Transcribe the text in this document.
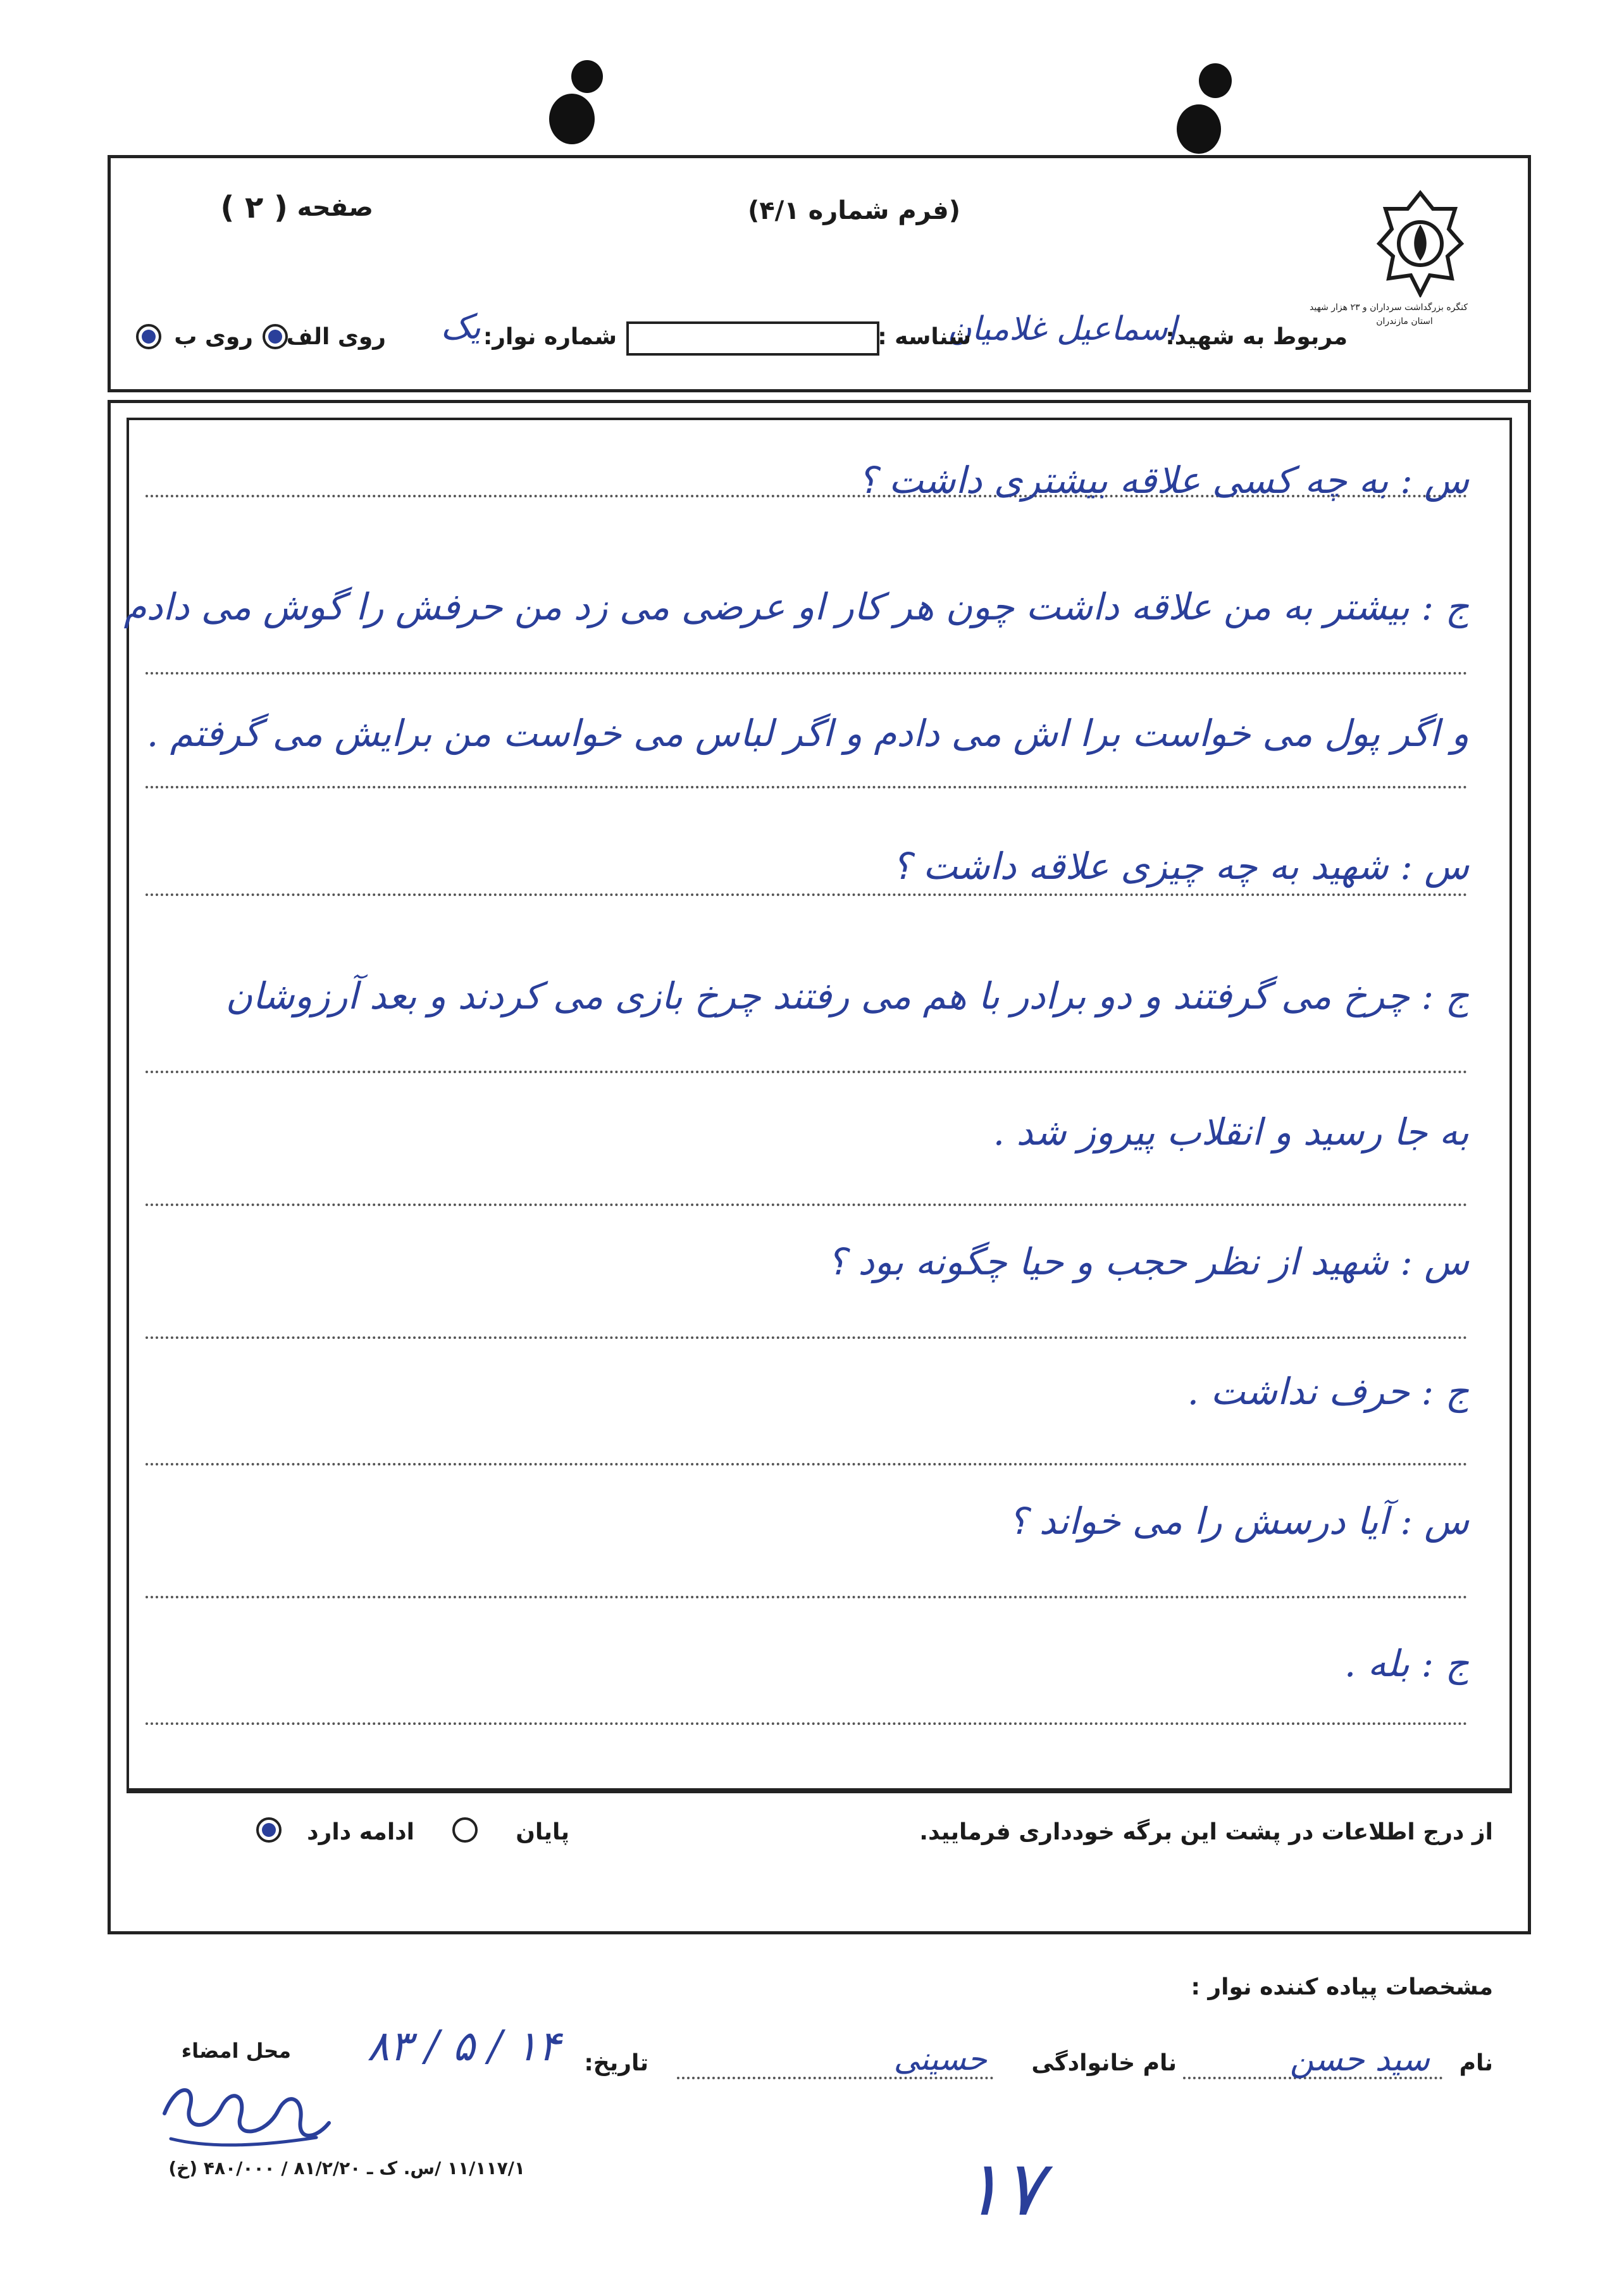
کنگره بزرگداشت سرداران و ۲۳ هزار شهید
استان مازندران
(فرم شماره ۴/۱)
صفحه
( ۲ )
مربوط به شهید:
اسماعیل غلامیان
شناسه :
شماره نوار:
یک
روی الف
روی ب
س : به چه کسی علاقه بیشتری داشت ؟
ج : بیشتر به من علاقه داشت چون هر کار او عرضی می زد من حرفش را گوش می دادم
و اگر پول می خواست برا اش می دادم و اگر لباس می خواست من برایش می گرفتم .
س : شهید به چه چیزی علاقه داشت ؟
ج : چرخ می گرفتند و دو برادر با هم می رفتند چرخ بازی می کردند و بعد آرزوشان
به جا رسید و انقلاب پیروز شد .
س : شهید از نظر حجب و حیا چگونه بود ؟
ج : حرف نداشت .
س : آیا درسش را می خواند ؟
ج : بله .
از درج اطلاعات در پشت این برگه خودداری فرمایید.
پایان
ادامه دارد
مشخصات پیاده کننده نوار :
نام
سید حسن
نام خانوادگی
حسینی
تاریخ:
۸۳ / ۵ / ۱۴
محل امضاء
۱۱/۱۱۷/۱ /س. ک ـ ۸۱/۲/۲۰ / ۴۸۰/۰۰۰ (خ)	۱۷
